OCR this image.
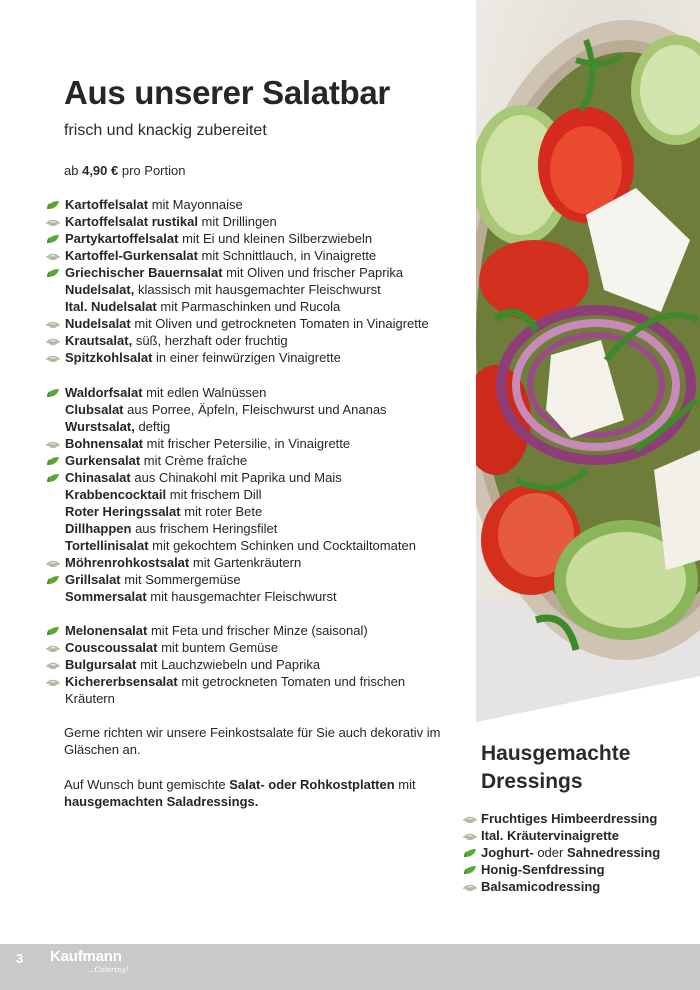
Aus unserer Salatbar
frisch und knackig zubereitet
ab 4,90 € pro Portion
Kartoffelsalat mit Mayonnaise
Kartoffelsalat rustikal mit Drillingen
Partykartoffelsalat mit Ei und kleinen Silberzwiebeln
Kartoffel-Gurkensalat mit Schnittlauch, in Vinaigrette
Griechischer Bauernsalat mit Oliven und frischer Paprika
Nudelsalat, klassisch mit hausgemachter Fleischwurst
Ital. Nudelsalat mit Parmaschinken und Rucola
Nudelsalat mit Oliven und getrockneten Tomaten in Vinaigrette
Krautsalat, süß, herzhaft oder fruchtig
Spitzkohlsalat in einer feinwürzigen Vinaigrette
Waldorfsalat mit edlen Walnüssen
Clubsalat aus Porree, Äpfeln, Fleischwurst und Ananas
Wurstsalat, deftig
Bohnensalat mit frischer Petersilie, in Vinaigrette
Gurkensalat mit Crème fraîche
Chinasalat aus Chinakohl mit Paprika und Mais
Krabbencocktail mit frischem Dill
Roter Heringssalat mit roter Bete
Dillhappen aus frischem Heringsfilet
Tortellinisalat mit gekochtem Schinken und Cocktailtomaten
Möhrenrohkostsalat mit Gartenkräutern
Grillsalat mit Sommergemüse
Sommersalat mit hausgemachter Fleischwurst
Melonensalat mit Feta und frischer Minze (saisonal)
Couscoussalat mit buntem Gemüse
Bulgursalat mit Lauchzwiebeln und Paprika
Kichererbsensalat mit getrockneten Tomaten und frischen Kräutern

Gerne richten wir unsere Feinkostsalate für Sie auch dekorativ im Gläschen an.

Auf Wunsch bunt gemischte Salat- oder Rohkostplatten mit hausgemachten Saladressings.

Hausgemachte
Dressings
Fruchtiges Himbeerdressing
Ital. Kräutervinaigrette
Joghurt- oder Sahnedressing
Honig-Senfdressing
Balsamicodressing
3 Kaufmann
...Catering!
